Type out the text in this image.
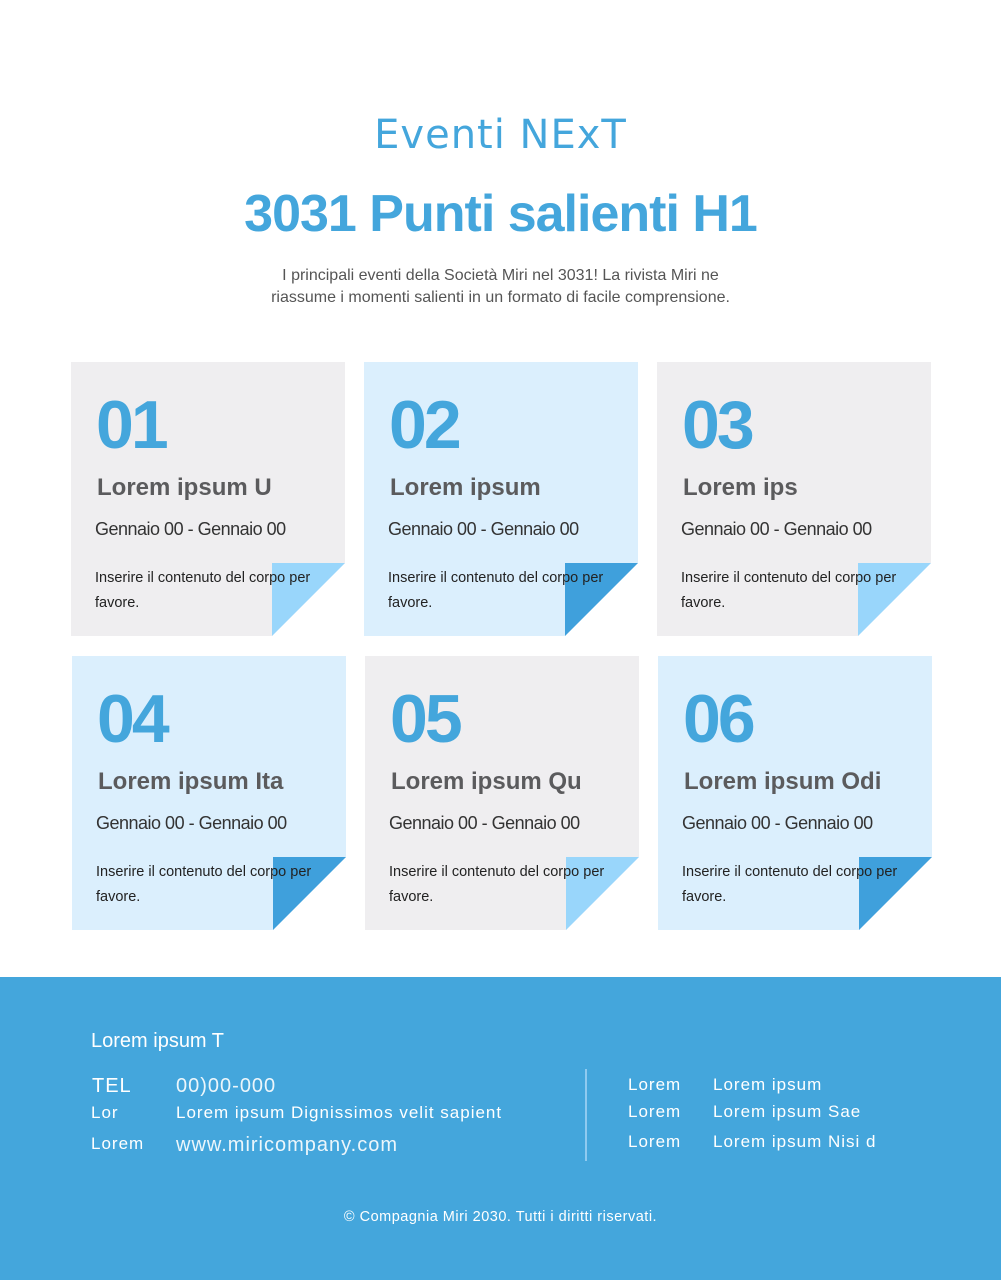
Eventi NExT
3031 Punti salienti H1

I principali eventi della Società Miri nel 3031! La rivista Miri ne riassume i momenti salienti in un formato di facile comprensione.

01
Lorem ipsum U
Gennaio 00 - Gennaio 00
Inserire il contenuto del corpo per favore.
02
Lorem ipsum
Gennaio 00 - Gennaio 00
Inserire il contenuto del corpo per favore.
03
Lorem ips
Gennaio 00 - Gennaio 00
Inserire il contenuto del corpo per favore.
04
Lorem ipsum Ita
Gennaio 00 - Gennaio 00
Inserire il contenuto del corpo per favore.
05
Lorem ipsum Qu
Gennaio 00 - Gennaio 00
Inserire il contenuto del corpo per favore.
06
Lorem ipsum Odi
Gennaio 00 - Gennaio 00
Inserire il contenuto del corpo per favore.
Lorem ipsum T
TEL 00)00-000
Lor	Lorem ipsum Dignissimos velit sapient
Lorem www.miricompany.com
Lorem Lorem ipsum
Lorem Lorem ipsum Sae
Lorem Lorem ipsum Nisi d
© Compagnia Miri 2030. Tutti i diritti riservati.
